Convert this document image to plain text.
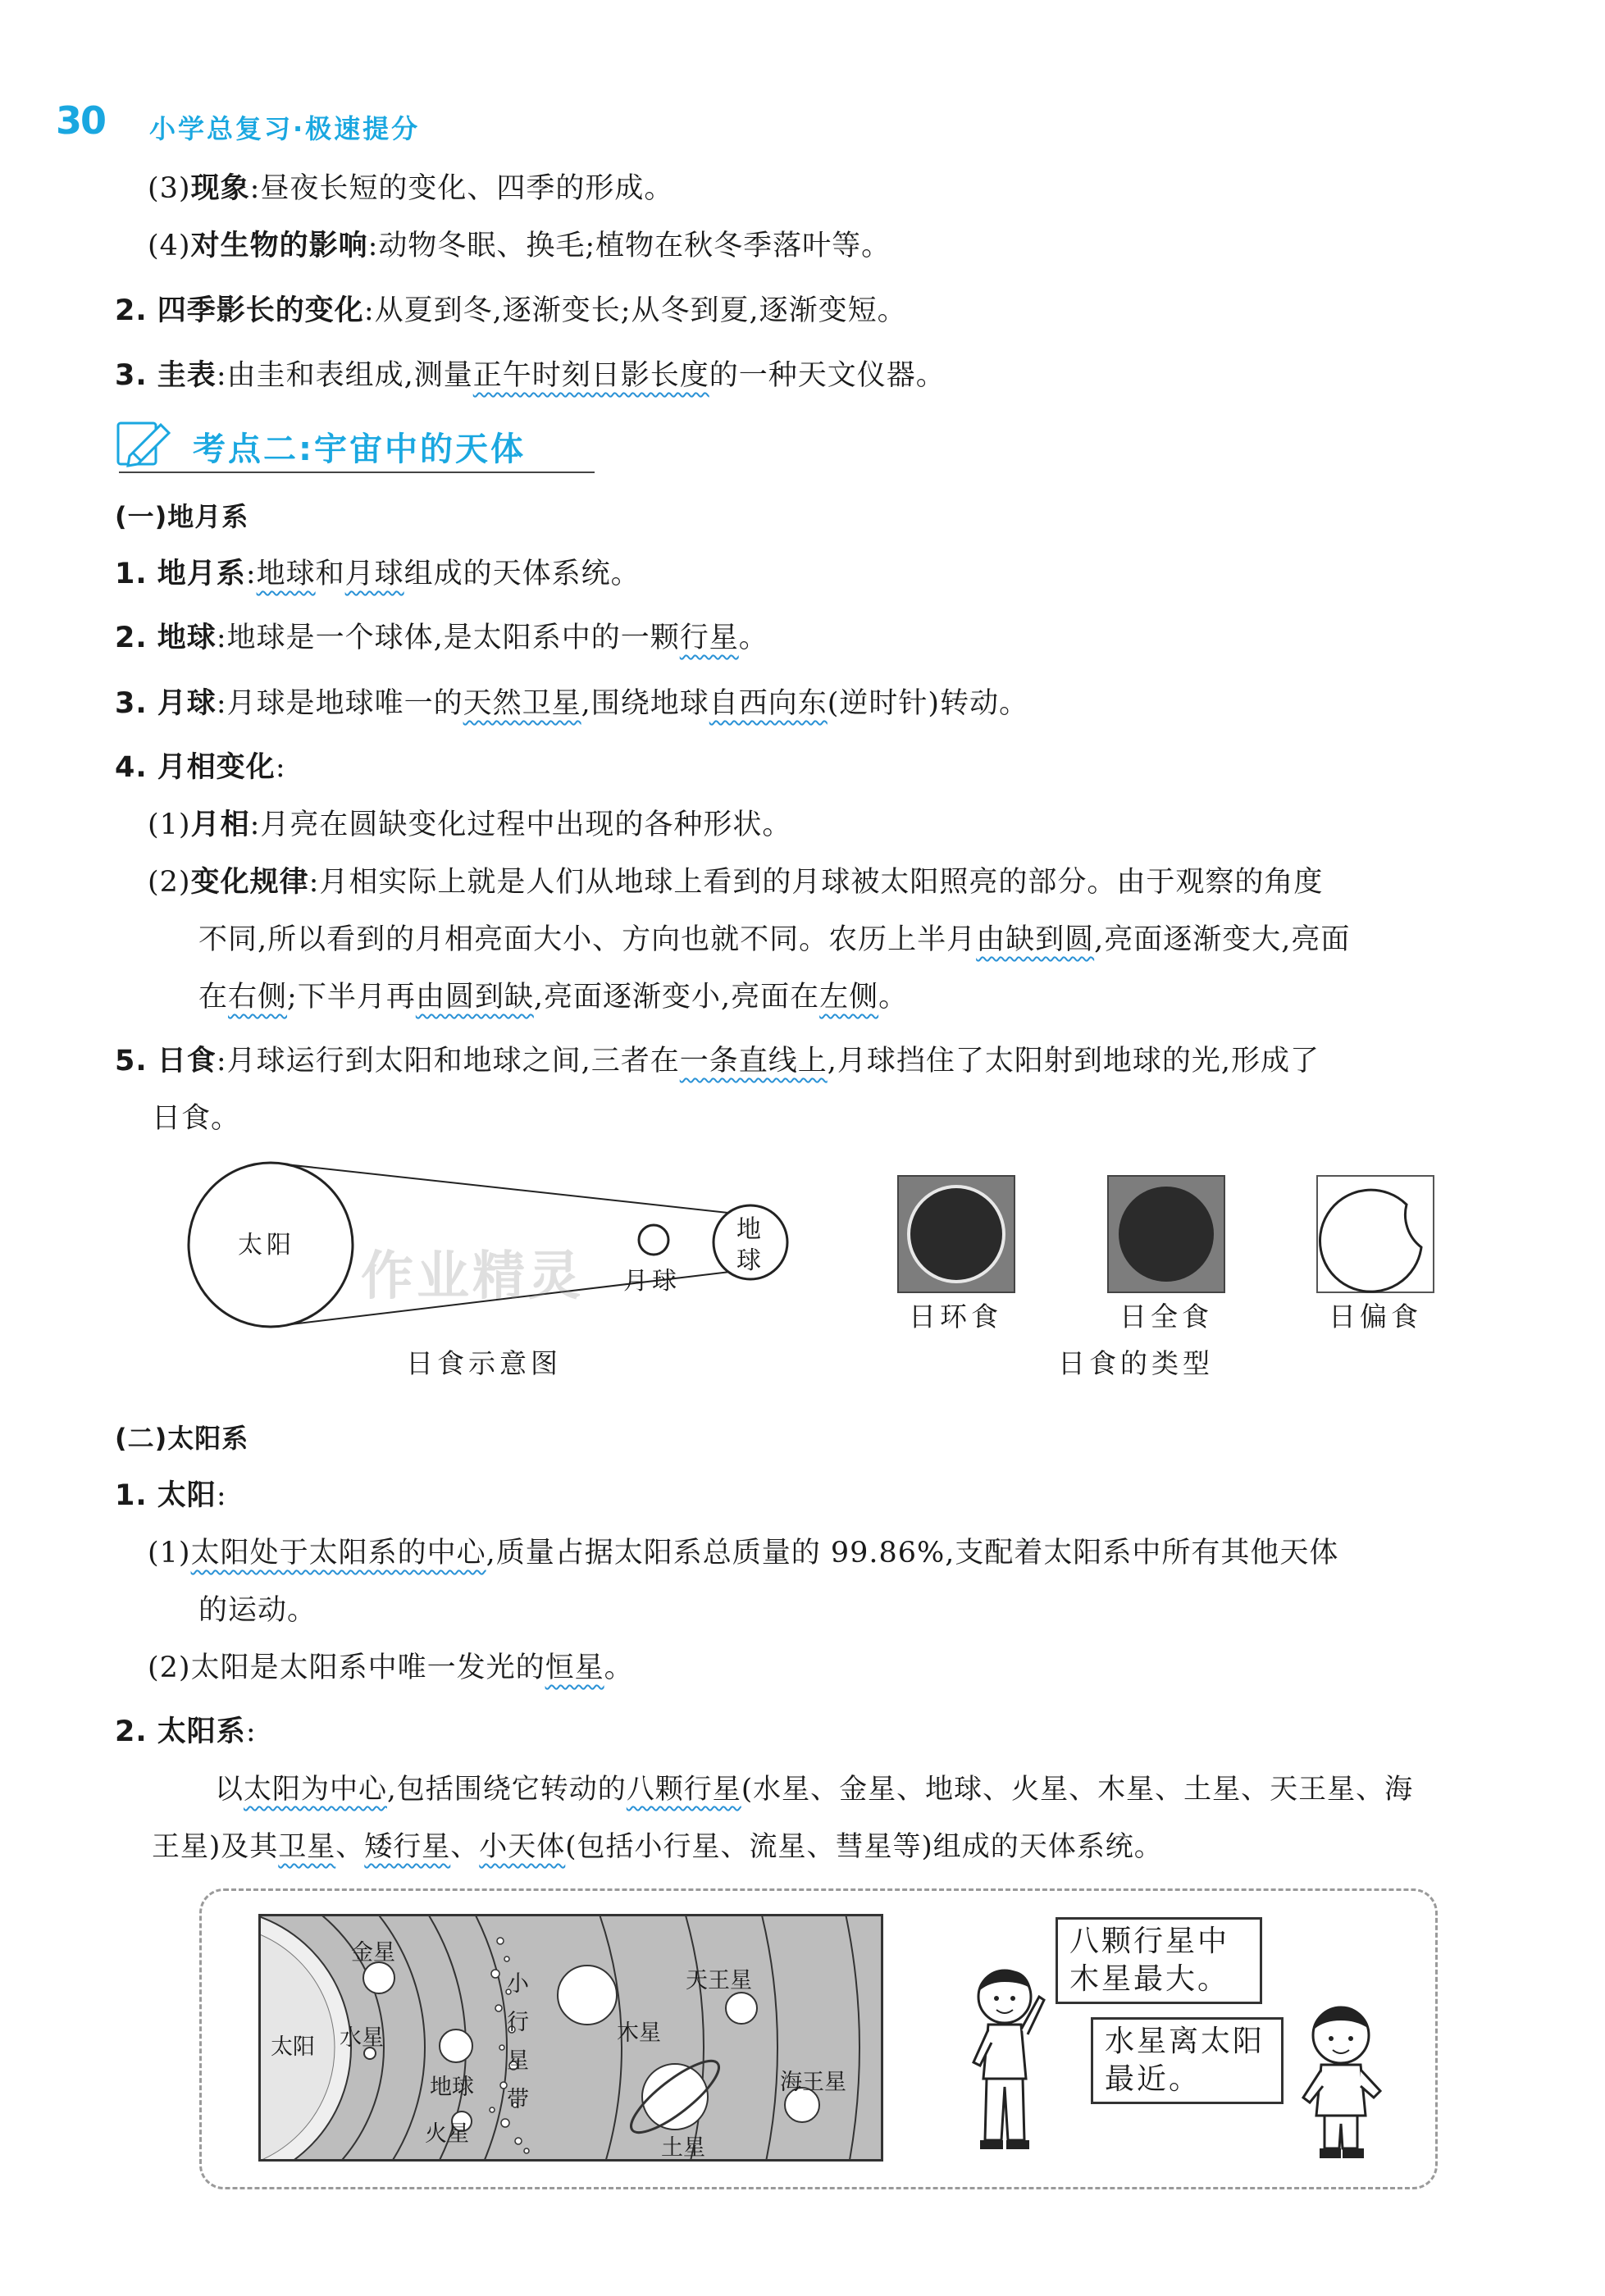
30 小学总复习·极速提分
(3)现象:昼夜长短的变化、四季的形成。
(4)对生物的影响:动物冬眠、换毛;植物在秋冬季落叶等。
2. 四季影长的变化:从夏到冬,逐渐变长;从冬到夏,逐渐变短。
3. 圭表:由圭和表组成,测量正午时刻日影长度的一种天文仪器。
考点二:宇宙中的天体
(一)地月系
1. 地月系:地球和月球组成的天体系统。
2. 地球:地球是一个球体,是太阳系中的一颗行星。
3. 月球:月球是地球唯一的天然卫星,围绕地球自西向东(逆时针)转动。
4. 月相变化:
(1)月相:月亮在圆缺变化过程中出现的各种形状。
(2)变化规律:月相实际上就是人们从地球上看到的月球被太阳照亮的部分。由于观察的角度
不同,所以看到的月相亮面大小、方向也就不同。农历上半月由缺到圆,亮面逐渐变大,亮面
在右侧;下半月再由圆到缺,亮面逐渐变小,亮面在左侧。
5. 日食:月球运行到太阳和地球之间,三者在一条直线上,月球挡住了太阳射到地球的光,形成了
日食。
太阳
月球
地
球
日食示意图
日环食	日全食	日偏食
日食的类型
(二)太阳系
1. 太阳:
(1)太阳处于太阳系的中心,质量占据太阳系总质量的 99.86%,支配着太阳系中所有其他天体
的运动。
(2)太阳是太阳系中唯一发光的恒星。
2. 太阳系:
以太阳为中心,包括围绕它转动的八颗行星(水星、金星、地球、火星、木星、土星、天王星、海
王星)及其卫星、矮行星、小天体(包括小行星、流星、彗星等)组成的天体系统。
太阳 水星
金星
地球
火星
小
行
星
带
木星
天王星
土星
海王星
八颗行星中
木星最大。
水星离太阳
最近。
作业精灵
